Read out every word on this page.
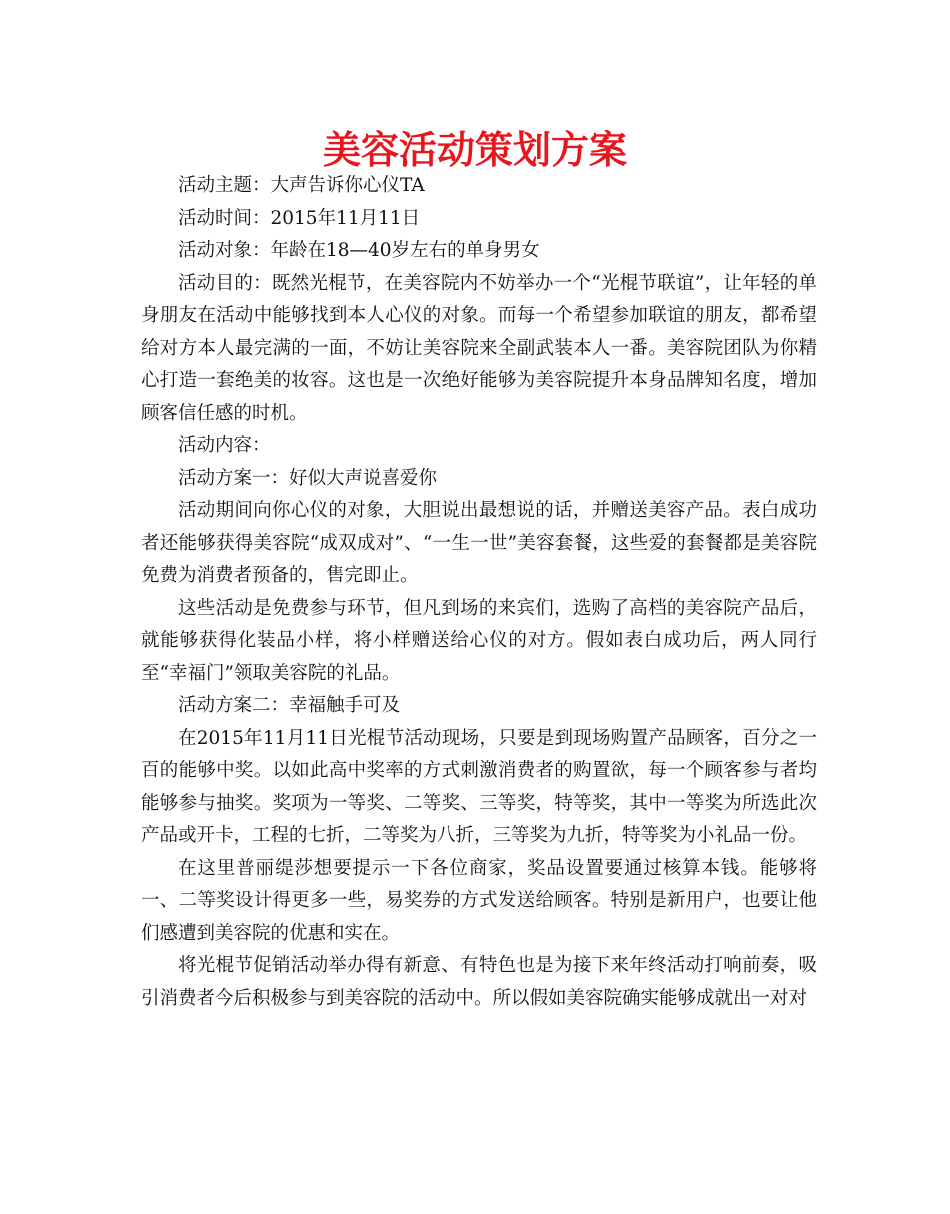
美容活动策划方案

活动主题：大声告诉你心仪TA

活动时间：2015年11月11日

活动对象：年龄在18—40岁左右的单身男女

活动目的：既然光棍节，在美容院内不妨举办一个“光棍节联谊”，让年轻的单身朋友在活动中能够找到本人心仪的对象。而每一个希望参加联谊的朋友，都希望给对方本人最完满的一面，不妨让美容院来全副武装本人一番。美容院团队为你精心打造一套绝美的妆容。这也是一次绝好能够为美容院提升本身品牌知名度，增加顾客信任感的时机。

活动内容：

活动方案一：好似大声说喜爱你

活动期间向你心仪的对象，大胆说出最想说的话，并赠送美容产品。表白成功者还能够获得美容院“成双成对”、“一生一世”美容套餐，这些爱的套餐都是美容院免费为消费者预备的，售完即止。

这些活动是免费参与环节，但凡到场的来宾们，选购了高档的美容院产品后，就能够获得化装品小样，将小样赠送给心仪的对方。假如表白成功后，两人同行至“幸福门”领取美容院的礼品。

活动方案二：幸福触手可及

在2015年11月11日光棍节活动现场，只要是到现场购置产品顾客，百分之一百的能够中奖。以如此高中奖率的方式刺激消费者的购置欲，每一个顾客参与者均能够参与抽奖。奖项为一等奖、二等奖、三等奖，特等奖，其中一等奖为所选此次产品或开卡，工程的七折，二等奖为八折，三等奖为九折，特等奖为小礼品一份。

在这里普丽缇莎想要提示一下各位商家，奖品设置要通过核算本钱。能够将一、二等奖设计得更多一些，易奖券的方式发送给顾客。特别是新用户，也要让他们感遭到美容院的优惠和实在。

将光棍节促销活动举办得有新意、有特色也是为接下来年终活动打响前奏，吸引消费者今后积极参与到美容院的活动中。所以假如美容院确实能够成就出一对对
